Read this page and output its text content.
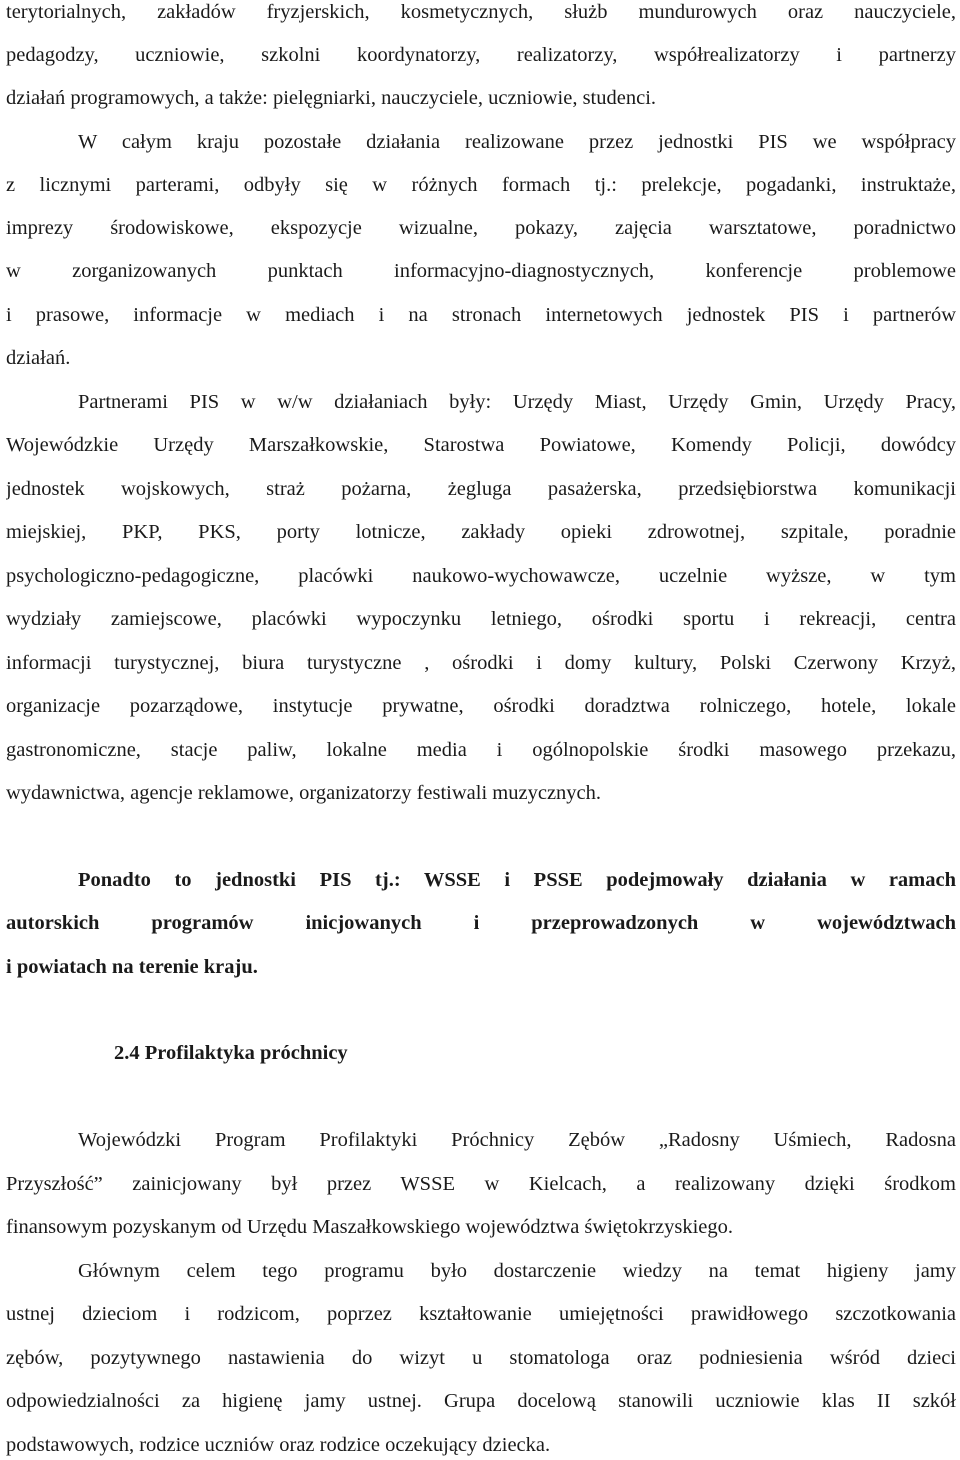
terytorialnych, zakładów fryzjerskich, kosmetycznych, służb mundurowych oraz nauczyciele,
pedagodzy, uczniowie, szkolni koordynatorzy, realizatorzy, współrealizatorzy i partnerzy
działań programowych, a także: pielęgniarki, nauczyciele, uczniowie, studenci.
W całym kraju pozostałe działania realizowane przez jednostki PIS we współpracy
z licznymi parterami, odbyły się w różnych formach tj.: prelekcje, pogadanki, instruktaże,
imprezy środowiskowe, ekspozycje wizualne, pokazy, zajęcia warsztatowe, poradnictwo
w zorganizowanych punktach informacyjno-diagnostycznych, konferencje problemowe
i prasowe, informacje w mediach i na stronach internetowych jednostek PIS i partnerów
działań.
Partnerami PIS w w/w działaniach były: Urzędy Miast, Urzędy Gmin, Urzędy Pracy,
Wojewódzkie Urzędy Marszałkowskie, Starostwa Powiatowe, Komendy Policji, dowódcy
jednostek wojskowych, straż pożarna, żegluga pasażerska, przedsiębiorstwa komunikacji
miejskiej, PKP, PKS, porty lotnicze, zakłady opieki zdrowotnej, szpitale, poradnie
psychologiczno-pedagogiczne, placówki naukowo-wychowawcze, uczelnie wyższe, w tym
wydziały zamiejscowe, placówki wypoczynku letniego, ośrodki sportu i rekreacji, centra
informacji turystycznej, biura turystyczne , ośrodki i domy kultury, Polski Czerwony Krzyż,
organizacje pozarządowe, instytucje prywatne, ośrodki doradztwa rolniczego, hotele, lokale
gastronomiczne, stacje paliw, lokalne media i ogólnopolskie środki masowego przekazu,
wydawnictwa, agencje reklamowe, organizatorzy festiwali muzycznych.
Ponadto to jednostki PIS tj.: WSSE i PSSE podejmowały działania w ramach
autorskich programów inicjowanych i przeprowadzonych w województwach
i powiatach na terenie kraju.
2.4 Profilaktyka próchnicy
Wojewódzki Program Profilaktyki Próchnicy Zębów „Radosny Uśmiech, Radosna
Przyszłość” zainicjowany był przez WSSE w Kielcach, a realizowany dzięki środkom
finansowym pozyskanym od Urzędu Maszałkowskiego województwa świętokrzyskiego.
Głównym celem tego programu było dostarczenie wiedzy na temat higieny jamy
ustnej dzieciom i rodzicom, poprzez kształtowanie umiejętności prawidłowego szczotkowania
zębów, pozytywnego nastawienia do wizyt u stomatologa oraz podniesienia wśród dzieci
odpowiedzialności za higienę jamy ustnej. Grupa docelową stanowili uczniowie klas II szkół
podstawowych, rodzice uczniów oraz rodzice oczekujący dziecka.
